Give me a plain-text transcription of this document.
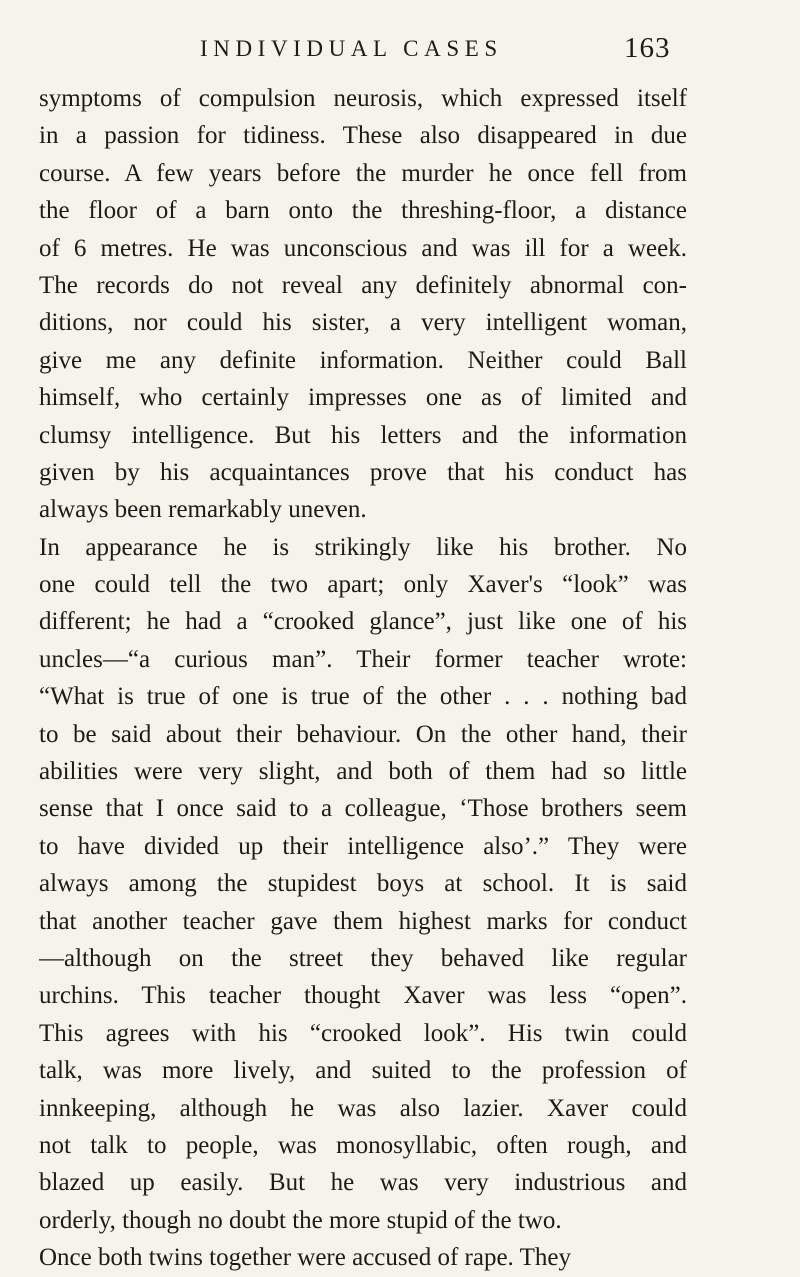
INDIVIDUAL CASES	163
symptoms of compulsion neurosis, which expressed itself
in a passion for tidiness. These also disappeared in due
course. A few years before the murder he once fell from
the floor of a barn onto the threshing-floor, a distance
of 6 metres. He was unconscious and was ill for a week.
The records do not reveal any definitely abnormal con-
ditions, nor could his sister, a very intelligent woman,
give me any definite information. Neither could Ball
himself, who certainly impresses one as of limited and
clumsy intelligence. But his letters and the information
given by his acquaintances prove that his conduct has
always been remarkably uneven.
In appearance he is strikingly like his brother. No
one could tell the two apart; only Xaver's “look” was
different; he had a “crooked glance”, just like one of his
uncles—“a curious man”. Their former teacher wrote:
“What is true of one is true of the other . . . nothing bad
to be said about their behaviour. On the other hand, their
abilities were very slight, and both of them had so little
sense that I once said to a colleague, ‘Those brothers seem
to have divided up their intelligence also’.” They were
always among the stupidest boys at school. It is said
that another teacher gave them highest marks for conduct
—although on the street they behaved like regular
urchins. This teacher thought Xaver was less “open”.
This agrees with his “crooked look”. His twin could
talk, was more lively, and suited to the profession of
innkeeping, although he was also lazier. Xaver could
not talk to people, was monosyllabic, often rough, and
blazed up easily. But he was very industrious and
orderly, though no doubt the more stupid of the two.
Once both twins together were accused of rape. They
